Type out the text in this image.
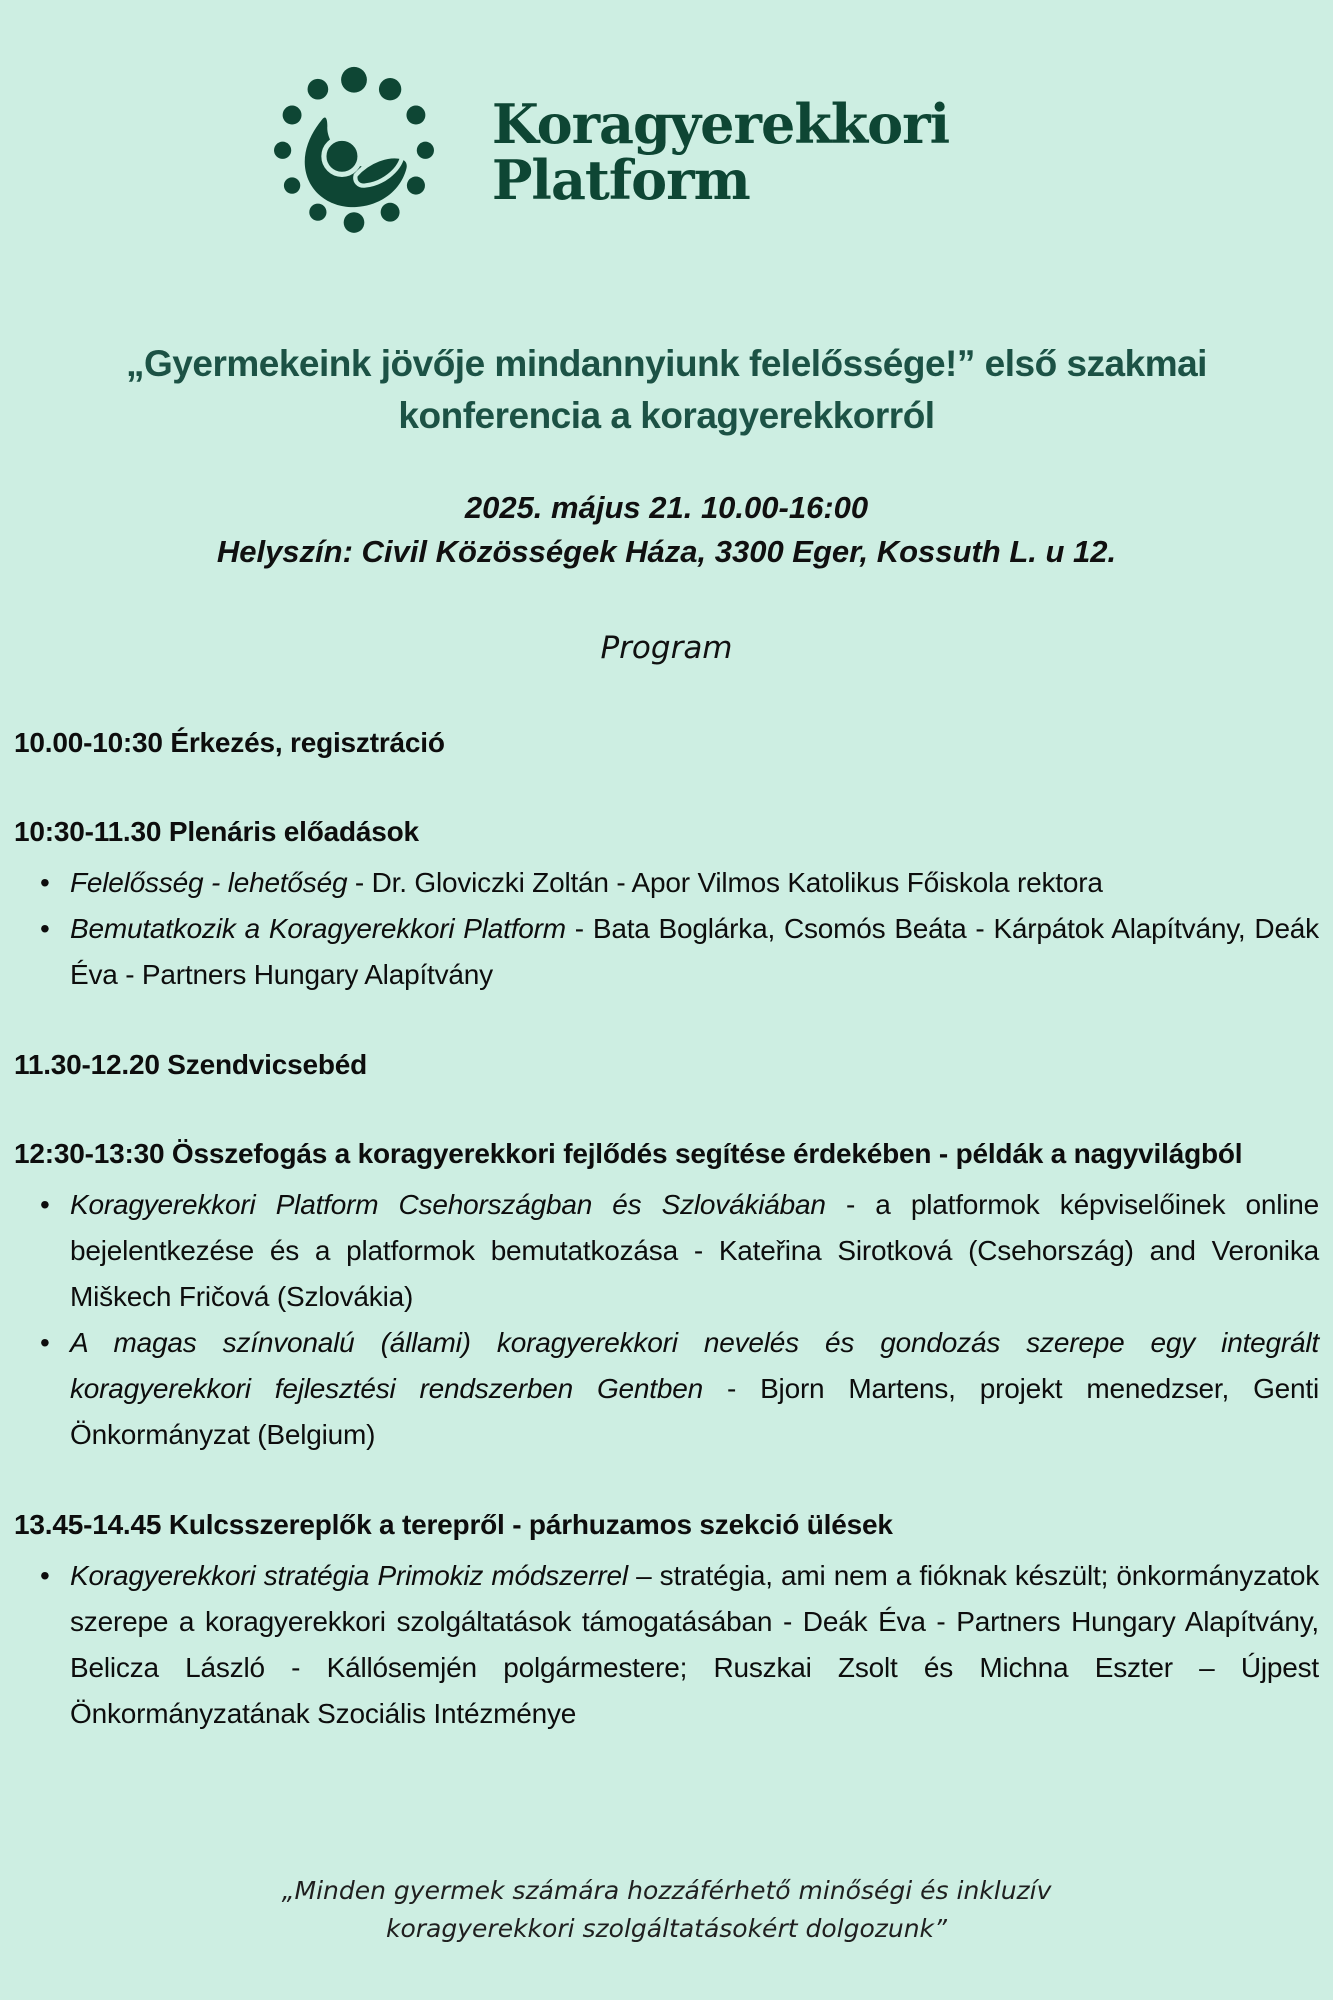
Koragyerekkori
Platform
„Gyermekeink jövője mindannyiunk felelőssége!” első szakmai
konferencia a koragyerekkorról
2025. május 21. 10.00-16:00
Helyszín: Civil Közösségek Háza, 3300 Eger, Kossuth L. u 12.
Program
10.00-10:30 Érkezés, regisztráció
10:30-11.30 Plenáris előadások
• Felelősség - lehetőség - Dr. Gloviczki Zoltán - Apor Vilmos Katolikus Főiskola rektora
• Bemutatkozik a Koragyerekkori Platform - Bata Boglárka, Csomós Beáta - Kárpátok Alapítvány, Deák Éva - Partners Hungary Alapítvány
11.30-12.20 Szendvicsebéd
12:30-13:30 Összefogás a koragyerekkori fejlődés segítése érdekében - példák a nagyvilágból
• Koragyerekkori Platform Csehországban és Szlovákiában - a platformok képviselőinek online bejelentkezése és a platformok bemutatkozása - Kateřina Sirotková (Csehország) and Veronika Miškech Fričová (Szlovákia)
• A magas színvonalú (állami) koragyerekkori nevelés és gondozás szerepe egy integrált koragyerekkori fejlesztési rendszerben Gentben - Bjorn Martens, projekt menedzser, Genti Önkormányzat (Belgium)
13.45-14.45 Kulcsszereplők a terepről - párhuzamos szekció ülések
• Koragyerekkori stratégia Primokiz módszerrel – stratégia, ami nem a fióknak készült; önkormányzatok szerepe a koragyerekkori szolgáltatások támogatásában - Deák Éva - Partners Hungary Alapítvány, Belicza László - Kállósemjén polgármestere; Ruszkai Zsolt és Michna Eszter – Újpest Önkormányzatának Szociális Intézménye
„Minden gyermek számára hozzáférhető minőségi és inkluzív koragyerekkori szolgáltatásokért dolgozunk”
